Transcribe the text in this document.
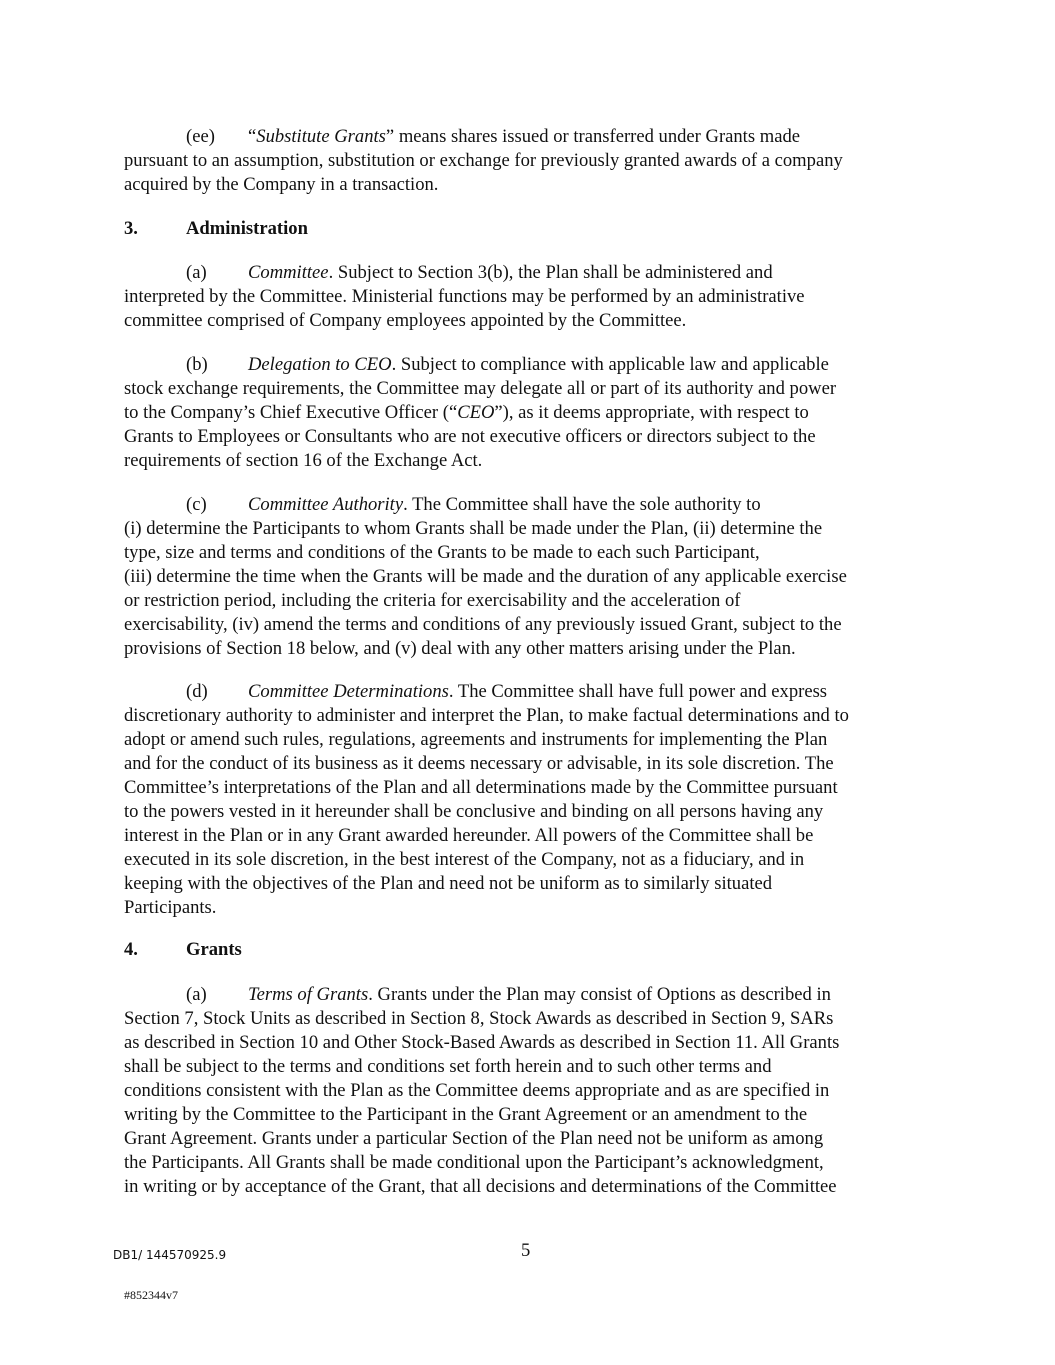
(ee) “Substitute Grants” means shares issued or transferred under Grants made
pursuant to an assumption, substitution or exchange for previously granted awards of a company
acquired by the Company in a transaction.
3.	Administration
(a) Committee. Subject to Section 3(b), the Plan shall be administered and
interpreted by the Committee. Ministerial functions may be performed by an administrative
committee comprised of Company employees appointed by the Committee.
(b) Delegation to CEO. Subject to compliance with applicable law and applicable
stock exchange requirements, the Committee may delegate all or part of its authority and power
to the Company’s Chief Executive Officer (“CEO”), as it deems appropriate, with respect to
Grants to Employees or Consultants who are not executive officers or directors subject to the
requirements of section 16 of the Exchange Act.
(c) Committee Authority. The Committee shall have the sole authority to
(i) determine the Participants to whom Grants shall be made under the Plan, (ii) determine the
type, size and terms and conditions of the Grants to be made to each such Participant,
(iii) determine the time when the Grants will be made and the duration of any applicable exercise
or restriction period, including the criteria for exercisability and the acceleration of
exercisability, (iv) amend the terms and conditions of any previously issued Grant, subject to the
provisions of Section 18 below, and (v) deal with any other matters arising under the Plan.
(d) Committee Determinations. The Committee shall have full power and express
discretionary authority to administer and interpret the Plan, to make factual determinations and to
adopt or amend such rules, regulations, agreements and instruments for implementing the Plan
and for the conduct of its business as it deems necessary or advisable, in its sole discretion. The
Committee’s interpretations of the Plan and all determinations made by the Committee pursuant
to the powers vested in it hereunder shall be conclusive and binding on all persons having any
interest in the Plan or in any Grant awarded hereunder. All powers of the Committee shall be
executed in its sole discretion, in the best interest of the Company, not as a fiduciary, and in
keeping with the objectives of the Plan and need not be uniform as to similarly situated
Participants.
4.	Grants
(a) Terms of Grants. Grants under the Plan may consist of Options as described in
Section 7, Stock Units as described in Section 8, Stock Awards as described in Section 9, SARs
as described in Section 10 and Other Stock-Based Awards as described in Section 11. All Grants
shall be subject to the terms and conditions set forth herein and to such other terms and
conditions consistent with the Plan as the Committee deems appropriate and as are specified in
writing by the Committee to the Participant in the Grant Agreement or an amendment to the
Grant Agreement. Grants under a particular Section of the Plan need not be uniform as among
the Participants. All Grants shall be made conditional upon the Participant’s acknowledgment,
in writing or by acceptance of the Grant, that all decisions and determinations of the Committee
DB1/ 144570925.9	5
#852344v7
